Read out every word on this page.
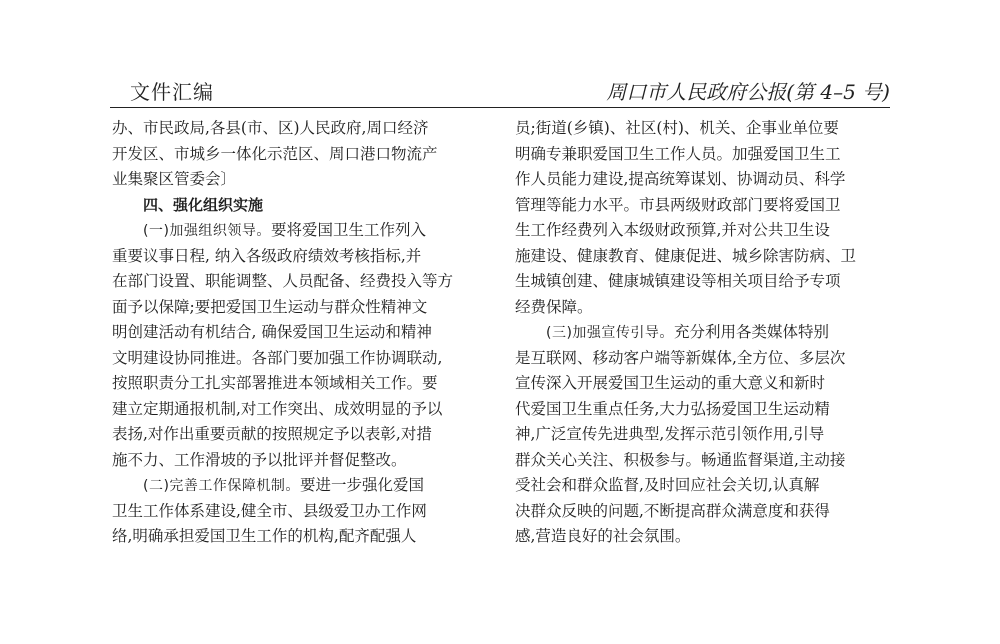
文件汇编	周口市人民政府公报(第 4–5 号)
办、市民政局,各县(市、区)人民政府,周口经济
开发区、市城乡一体化示范区、周口港口物流产
业集聚区管委会〕
四、强化组织实施
(一)加强组织领导。要将爱国卫生工作列入
重要议事日程, 纳入各级政府绩效考核指标,并
在部门设置、职能调整、人员配备、经费投入等方
面予以保障;要把爱国卫生运动与群众性精神文
明创建活动有机结合, 确保爱国卫生运动和精神
文明建设协同推进。各部门要加强工作协调联动,
按照职责分工扎实部署推进本领域相关工作。要
建立定期通报机制,对工作突出、成效明显的予以
表扬,对作出重要贡献的按照规定予以表彰,对措
施不力、工作滑坡的予以批评并督促整改。
(二)完善工作保障机制。要进一步强化爱国
卫生工作体系建设,健全市、县级爱卫办工作网
络,明确承担爱国卫生工作的机构,配齐配强人
员;街道(乡镇)、社区(村)、机关、企事业单位要
明确专兼职爱国卫生工作人员。加强爱国卫生工
作人员能力建设,提高统筹谋划、协调动员、科学
管理等能力水平。市县两级财政部门要将爱国卫
生工作经费列入本级财政预算,并对公共卫生设
施建设、健康教育、健康促进、城乡除害防病、卫
生城镇创建、健康城镇建设等相关项目给予专项
经费保障。
(三)加强宣传引导。充分利用各类媒体特别
是互联网、移动客户端等新媒体,全方位、多层次
宣传深入开展爱国卫生运动的重大意义和新时
代爱国卫生重点任务,大力弘扬爱国卫生运动精
神,广泛宣传先进典型,发挥示范引领作用,引导
群众关心关注、积极参与。畅通监督渠道,主动接
受社会和群众监督,及时回应社会关切,认真解
决群众反映的问题,不断提高群众满意度和获得
感,营造良好的社会氛围。
